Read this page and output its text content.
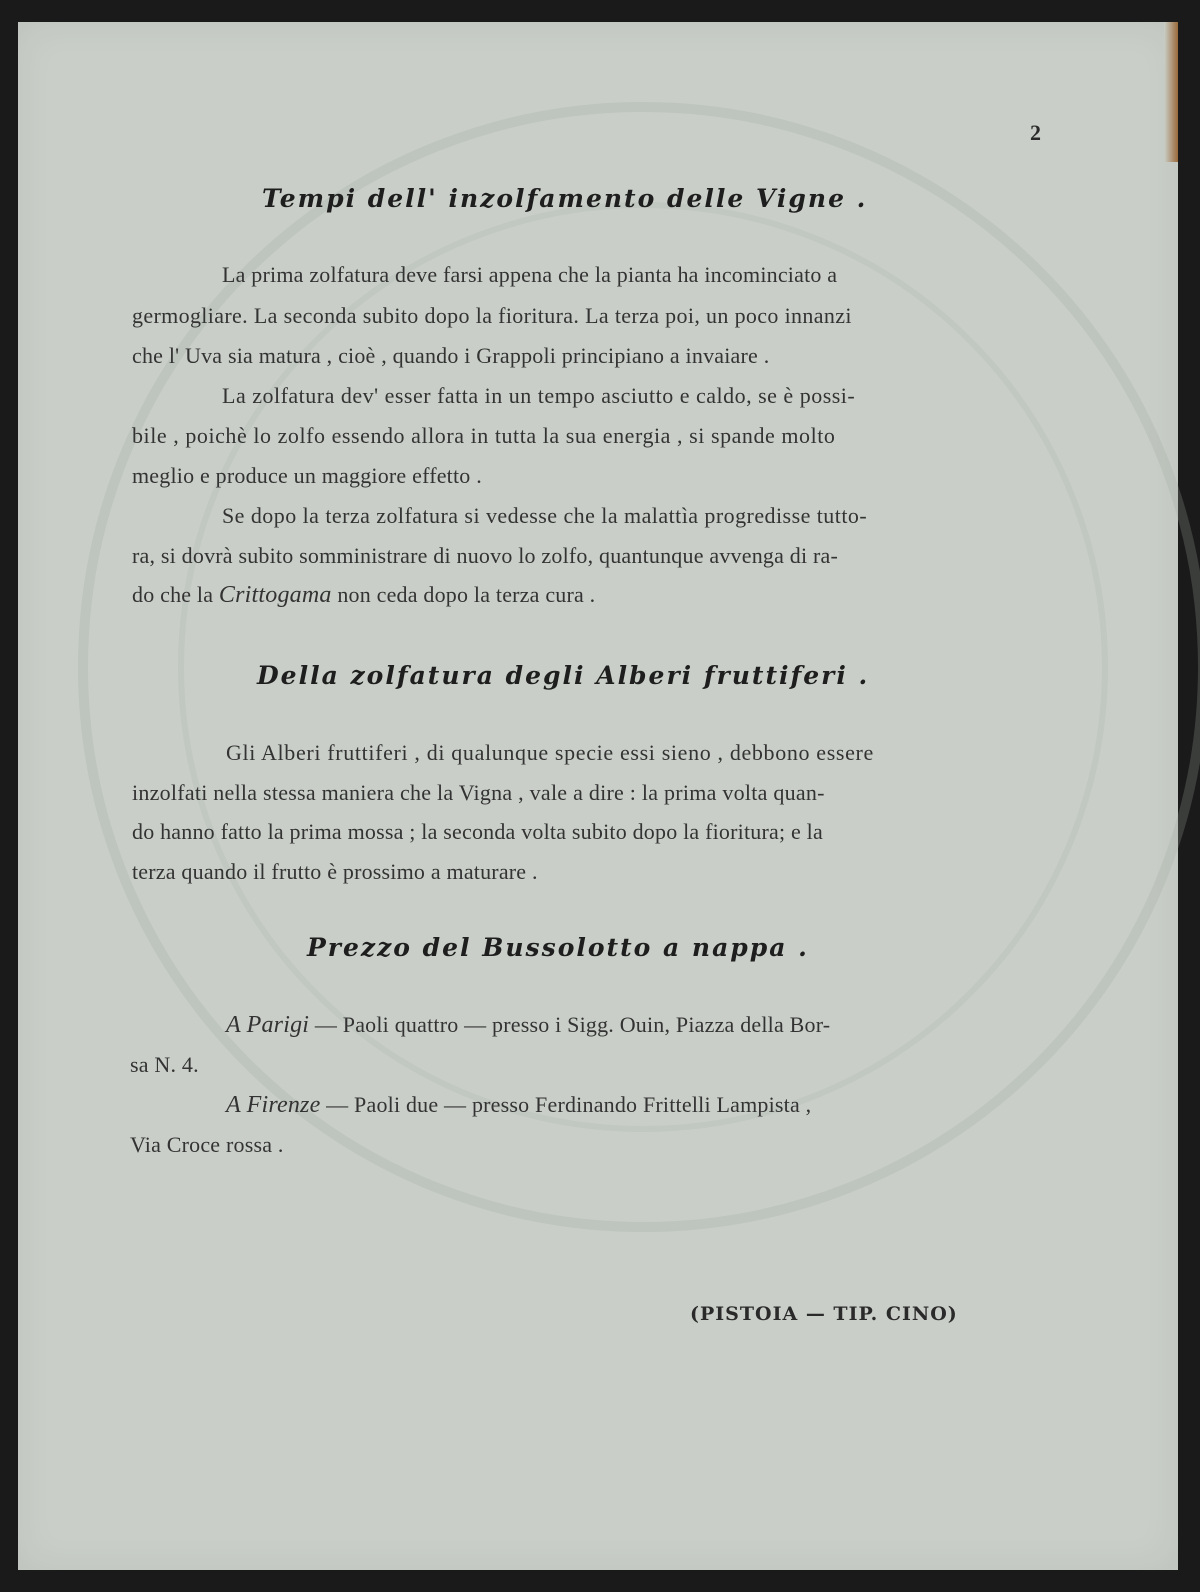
2
Tempi dell' inzolfamento delle Vigne .
La prima zolfatura deve farsi appena che la pianta ha incominciato a
germogliare. La seconda subito dopo la fioritura. La terza poi, un poco innanzi
che l' Uva sia matura , cioè , quando i Grappoli principiano a invaiare .
La zolfatura dev' esser fatta in un tempo asciutto e caldo, se è possi-
bile , poichè lo zolfo essendo allora in tutta la sua energia , si spande molto
meglio e produce un maggiore effetto .
Se dopo la terza zolfatura si vedesse che la malattìa progredisse tutto-
ra, si dovrà subito somministrare di nuovo lo zolfo, quantunque avvenga di ra-
do che la Crittogama non ceda dopo la terza cura .
Della zolfatura degli Alberi fruttiferi .
Gli Alberi fruttiferi , di qualunque specie essi sieno , debbono essere
inzolfati nella stessa maniera che la Vigna , vale a dire : la prima volta quan-
do hanno fatto la prima mossa ; la seconda volta subito dopo la fioritura; e la
terza quando il frutto è prossimo a maturare .
Prezzo del Bussolotto a nappa .
A Parigi — Paoli quattro — presso i Sigg. Ouin, Piazza della Bor-
sa N. 4.
A Firenze — Paoli due — presso Ferdinando Frittelli Lampista ,
Via Croce rossa .
(PISTOIA — TIP. CINO)
